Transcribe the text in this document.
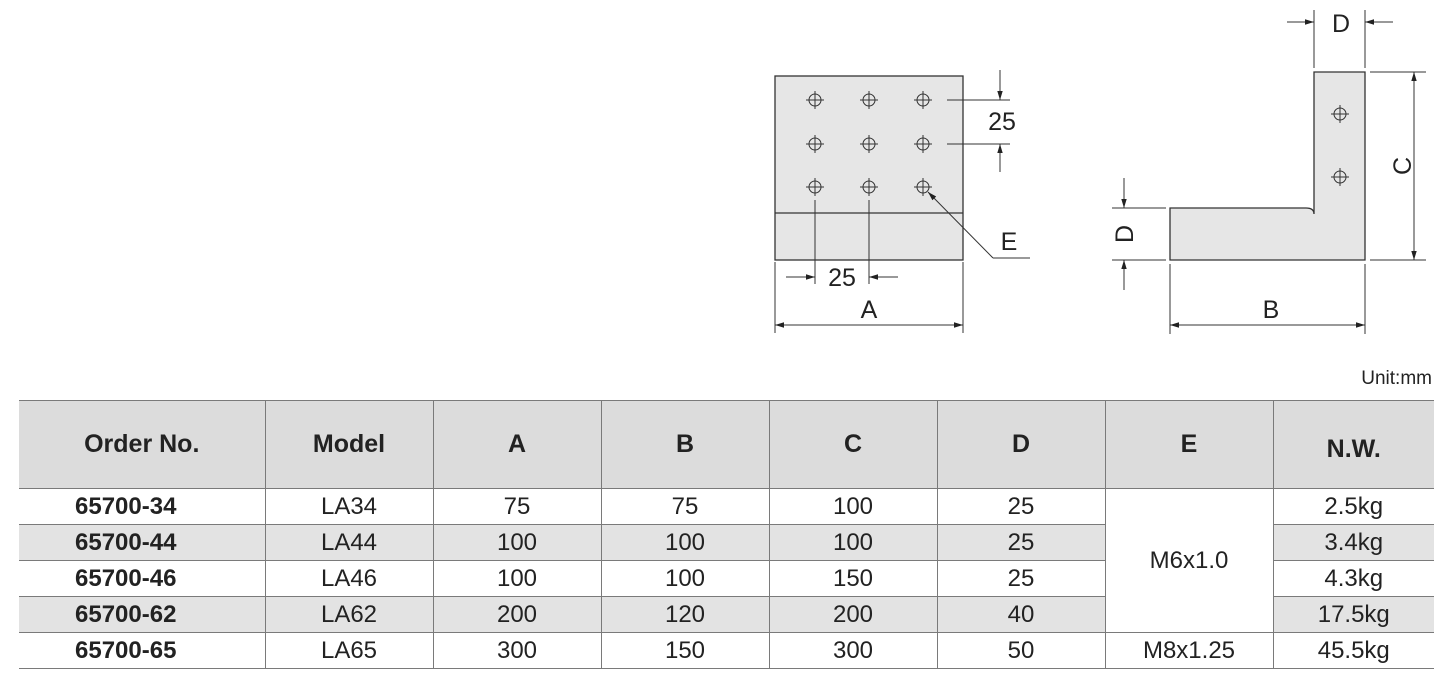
25
25
A
E
D
C
D
B
Unit:mm
Order No.	Model	A	B	C	D	E	N.W.
65700-34	LA34	75	75	100	25	M6x1.0	2.5kg
65700-44	LA44	100	100	100	25		3.4kg
65700-46	LA46	100	100	150	25		4.3kg
65700-62	LA62	200	120	200	40		17.5kg
65700-65	LA65	300	150	300	50	M8x1.25	45.5kg
